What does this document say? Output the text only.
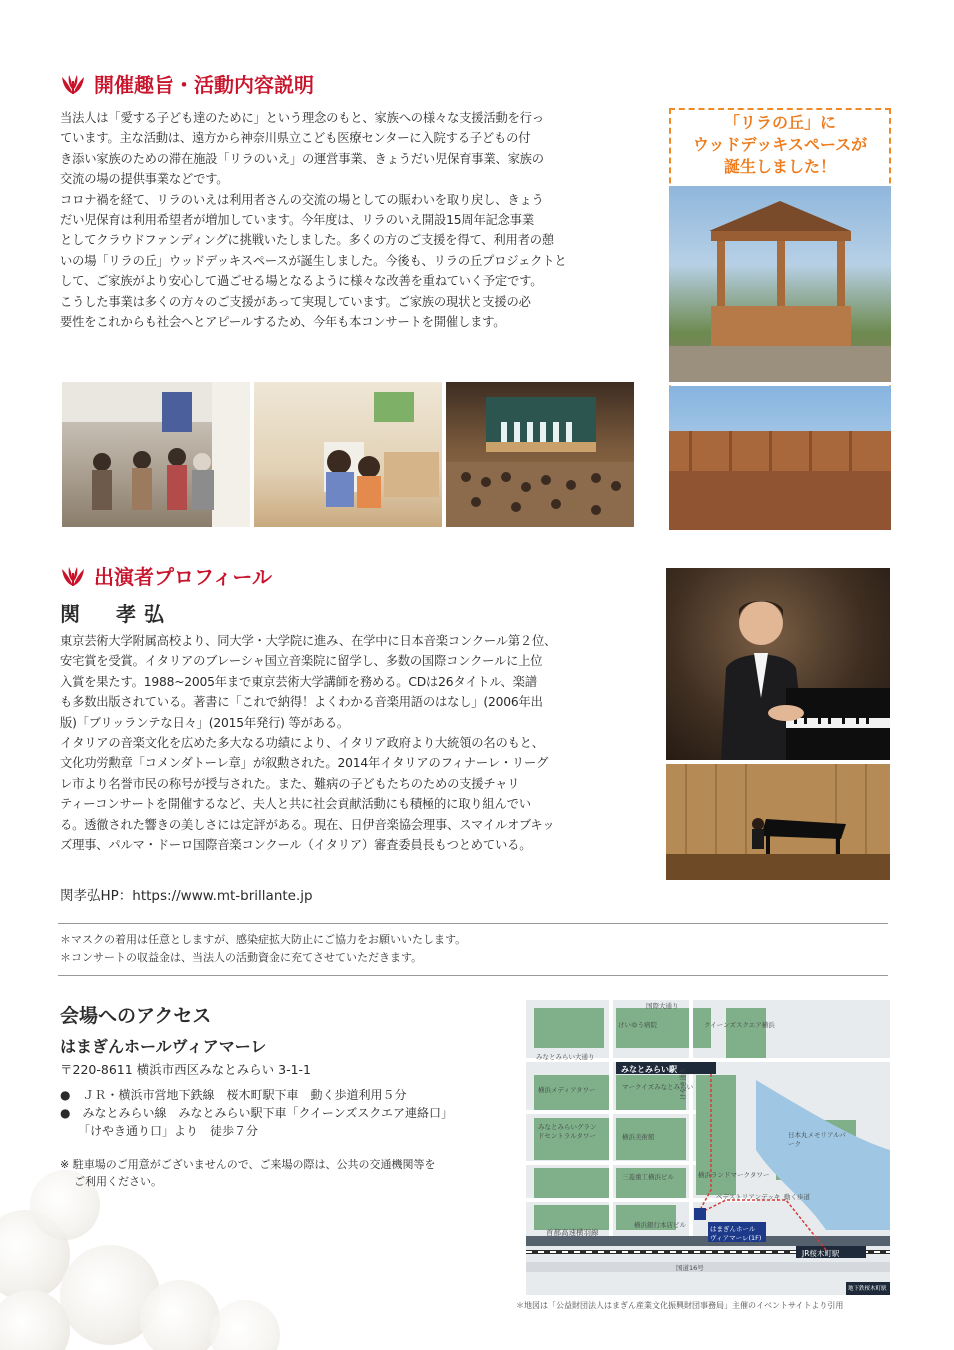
開催趣旨・活動内容説明
当法人は「愛する子ども達のために」という理念のもと、家族への様々な支援活動を行っ
ています。主な活動は、遠方から神奈川県立こども医療センターに入院する子どもの付
き添い家族のための滞在施設「リラのいえ」の運営事業、きょうだい児保育事業、家族の
交流の場の提供事業などです。
コロナ禍を経て、リラのいえは利用者さんの交流の場としての賑わいを取り戻し、きょう
だい児保育は利用希望者が増加しています。今年度は、リラのいえ開設15周年記念事業
としてクラウドファンディングに挑戦いたしました。多くの方のご支援を得て、利用者の憩
いの場「リラの丘」ウッドデッキスペースが誕生しました。今後も、リラの丘プロジェクトと
して、ご家族がより安心して過ごせる場となるように様々な改善を重ねていく予定です。
こうした事業は多くの方々のご支援があって実現しています。ご家族の現状と支援の必
要性をこれからも社会へとアピールするため、今年も本コンサートを開催します。
「リラの丘」に
ウッドデッキスペースが
誕生しました！
出演者プロフィール
関　孝弘
東京芸術大学附属高校より、同大学・大学院に進み、在学中に日本音楽コンクール第２位、
安宅賞を受賞。イタリアのブレーシャ国立音楽院に留学し、多数の国際コンクールに上位
入賞を果たす。1988~2005年まで東京芸術大学講師を務める。CDは26タイトル、楽譜
も多数出版されている。著書に「これで納得！よくわかる音楽用語のはなし」(2006年出
版)「ブリッランテな日々」(2015年発行) 等がある。
イタリアの音楽文化を広めた多大なる功績により、イタリア政府より大統領の名のもと、
文化功労勲章「コメンダトーレ章」が叙勲された。2014年イタリアのフィナーレ・リーグ
レ市より名誉市民の称号が授与された。また、難病の子どもたちのための支援チャリ
ティーコンサートを開催するなど、夫人と共に社会貢献活動にも積極的に取り組んでい
る。透徹された響きの美しさには定評がある。現在、日伊音楽協会理事、スマイルオブキッ
ズ理事、パルマ・ドーロ国際音楽コンクール（イタリア）審査委員長もつとめている。
関孝弘HP：https://www.mt-brillante.jp
＊マスクの着用は任意としますが、感染症拡大防止にご協力をお願いいたします。
＊コンサートの収益金は、当法人の活動資金に充てさせていただきます。
会場へのアクセス
はまぎんホールヴィアマーレ
〒220-8611 横浜市西区みなとみらい 3-1-1
●　ＪＲ・横浜市営地下鉄線　桜木町駅下車　動く歩道利用５分
●　みなとみらい線　みなとみらい駅下車「クイーンズスクエア連絡口」
「けやき通り口」より　徒歩７分
※ 駐車場のご用意がございませんので、ご来場の際は、公共の交通機関等を
ご利用ください。
国際大通り
けいゆう病院	クイーンズスクエア横浜
みなとみらい大通り
みなとみらい駅
横浜メディアタワー	マークイズみなとみらい
みなとみらいグランドセントラルタワー	横浜美術館
三菱重工横浜ビル	横浜ランドマークタワー
日本丸メモリアルパーク
けやき通り
ペデストリアンデッキ 動く歩道
横浜銀行本店ビル	はまぎんホール
ヴィアマーレ(1F)
首都高速横羽線
JR桜木町駅
国道16号
地下鉄桜木町駅
＊地図は「公益財団法人はまぎん産業文化振興財団事務局」主催のイベントサイトより引用
